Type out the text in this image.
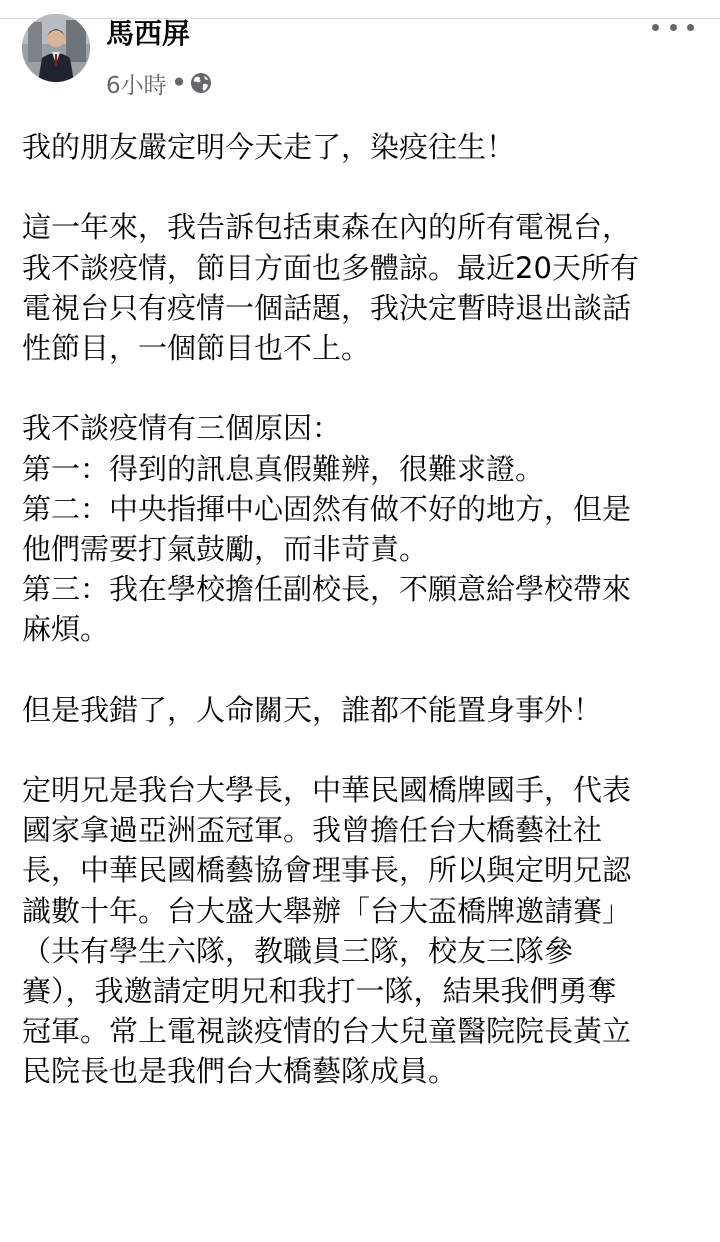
馬西屏
6小時 •
我的朋友嚴定明今天走了，染疫往生！
這一年來，我告訴包括東森在內的所有電視台，
我不談疫情，節目方面也多體諒。最近20天所有
電視台只有疫情一個話題，我決定暫時退出談話
性節目，一個節目也不上。
我不談疫情有三個原因：
第一：得到的訊息真假難辨，很難求證。
第二：中央指揮中心固然有做不好的地方，但是
他們需要打氣鼓勵，而非苛責。
第三：我在學校擔任副校長，不願意給學校帶來
麻煩。
但是我錯了，人命關天，誰都不能置身事外！
定明兄是我台大學長，中華民國橋牌國手，代表
國家拿過亞洲盃冠軍。我曾擔任台大橋藝社社
長，中華民國橋藝協會理事長，所以與定明兄認
識數十年。台大盛大舉辦「台大盃橋牌邀請賽」
（共有學生六隊，教職員三隊，校友三隊參
賽），我邀請定明兄和我打一隊，結果我們勇奪
冠軍。常上電視談疫情的台大兒童醫院院長黃立
民院長也是我們台大橋藝隊成員。
